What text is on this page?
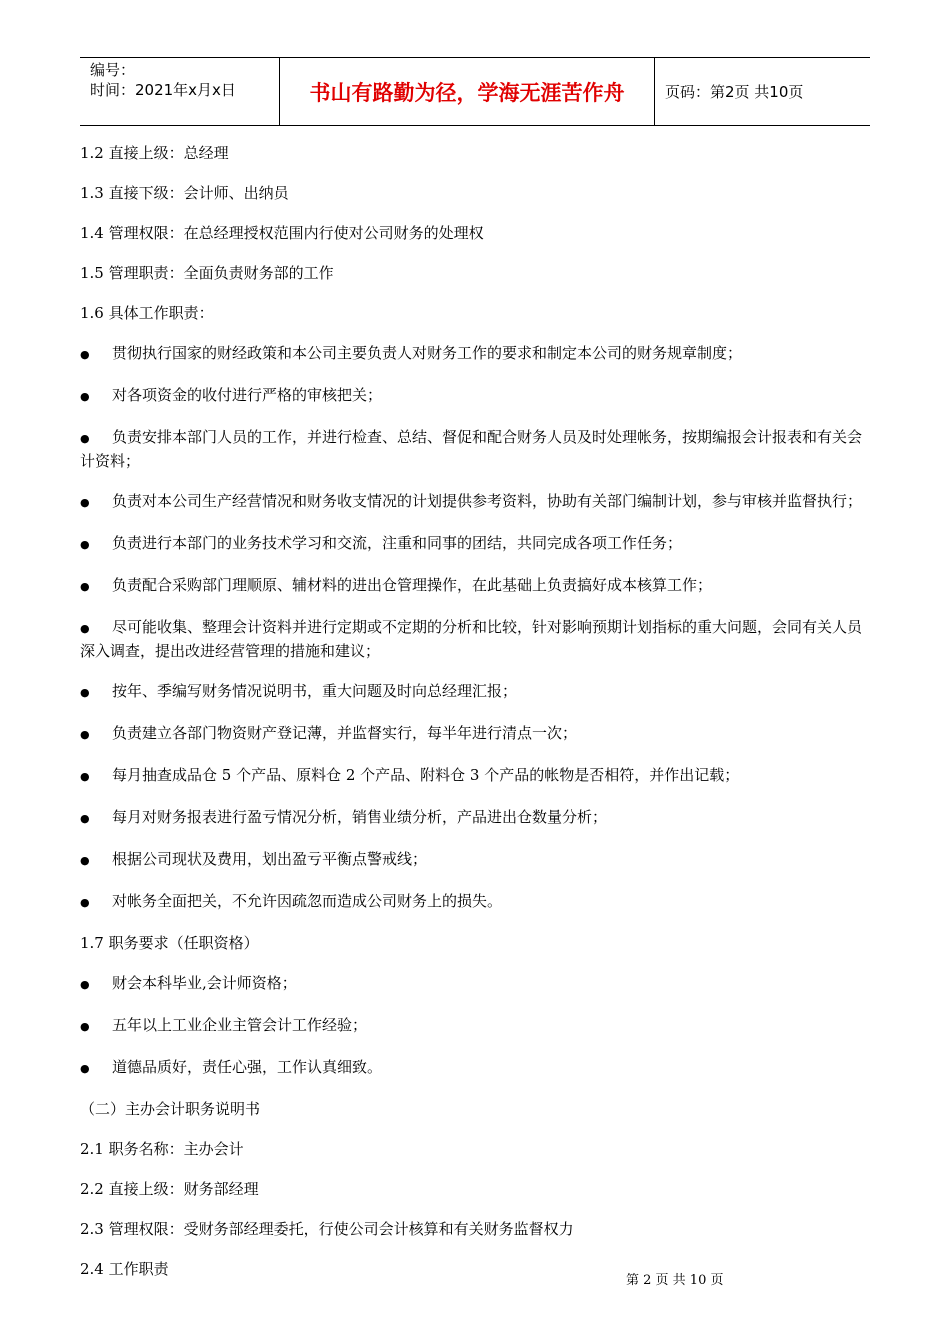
编号：
时间：2021年x月x日	书山有路勤为径，学海无涯苦作舟	页码：第2页 共10页
1.2 直接上级：总经理
1.3 直接下级：会计师、出纳员
1.4 管理权限：在总经理授权范围内行使对公司财务的处理权
1.5 管理职责：全面负责财务部的工作
1.6 具体工作职责：
● 贯彻执行国家的财经政策和本公司主要负责人对财务工作的要求和制定本公司的财务规章制度；
● 对各项资金的收付进行严格的审核把关；
● 负责安排本部门人员的工作，并进行检查、总结、督促和配合财务人员及时处理帐务，按期编报会计报表和有关会计资料；
● 负责对本公司生产经营情况和财务收支情况的计划提供参考资料，协助有关部门编制计划，参与审核并监督执行；
● 负责进行本部门的业务技术学习和交流，注重和同事的团结，共同完成各项工作任务；
● 负责配合采购部门理顺原、辅材料的进出仓管理操作，在此基础上负责搞好成本核算工作；
● 尽可能收集、整理会计资料并进行定期或不定期的分析和比较，针对影响预期计划指标的重大问题，会同有关人员深入调查，提出改进经营管理的措施和建议；
● 按年、季编写财务情况说明书，重大问题及时向总经理汇报；
● 负责建立各部门物资财产登记薄，并监督实行，每半年进行清点一次；
● 每月抽查成品仓 5 个产品、原料仓 2 个产品、附料仓 3 个产品的帐物是否相符，并作出记载；
● 每月对财务报表进行盈亏情况分析，销售业绩分析，产品进出仓数量分析；
● 根据公司现状及费用，划出盈亏平衡点警戒线；
● 对帐务全面把关，不允许因疏忽而造成公司财务上的损失。
1.7 职务要求（任职资格）
● 财会本科毕业,会计师资格；
● 五年以上工业企业主管会计工作经验；
● 道德品质好，责任心强，工作认真细致。
（二）主办会计职务说明书
2.1 职务名称：主办会计
2.2 直接上级：财务部经理
2.3 管理权限：受财务部经理委托，行使公司会计核算和有关财务监督权力
2.4 工作职责
第 2 页 共 10 页
